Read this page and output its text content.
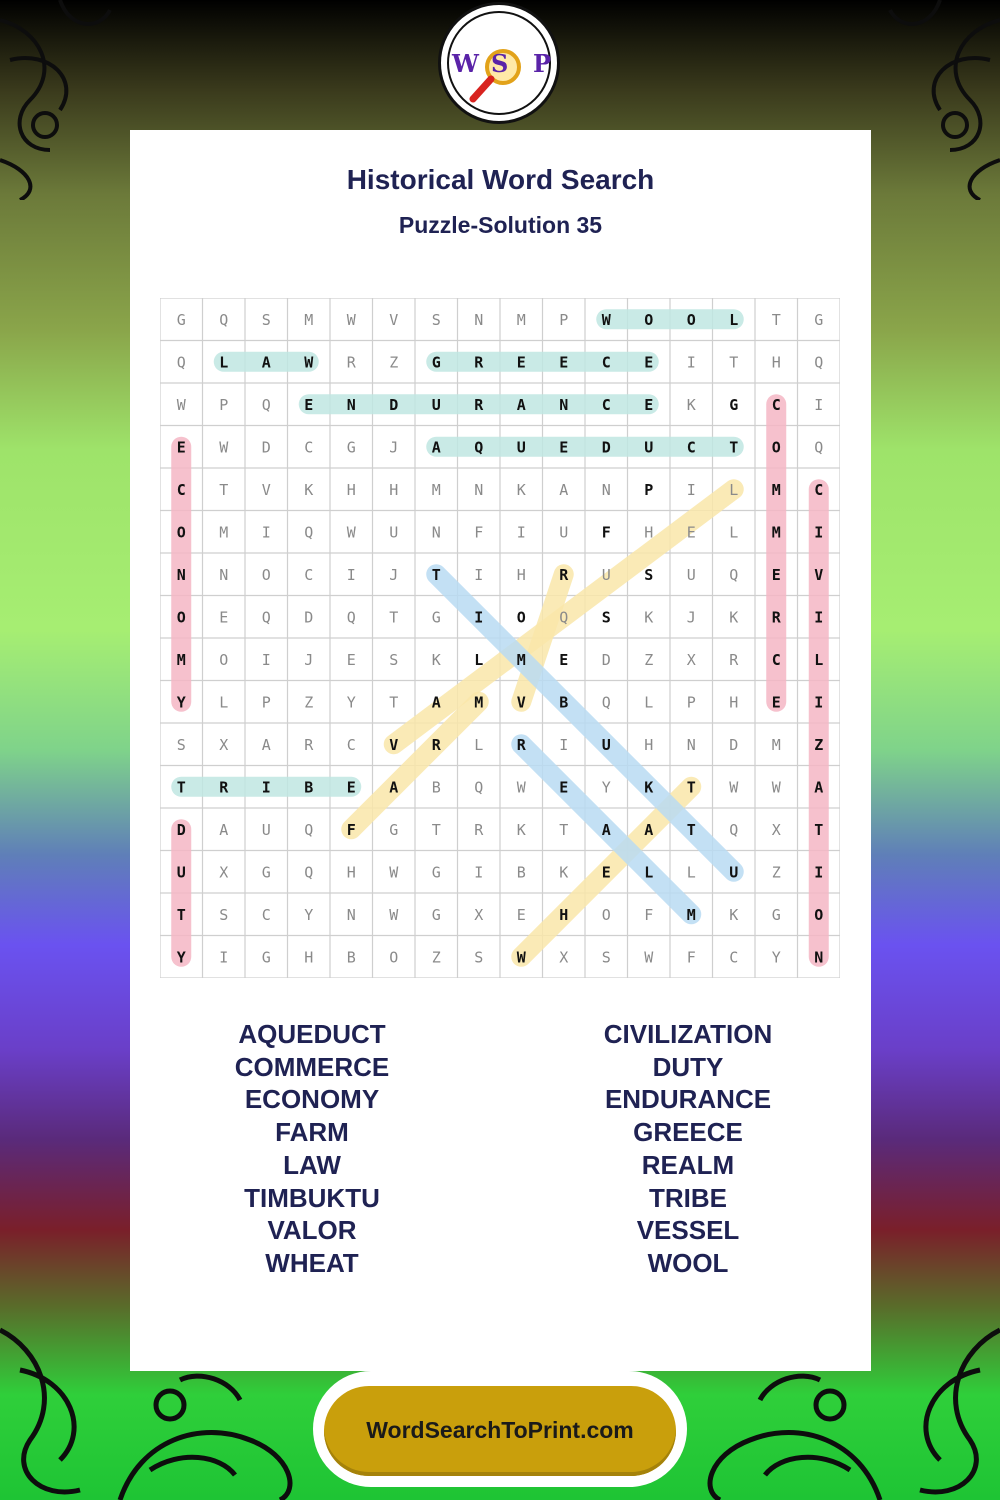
W S P
Historical Word Search
Puzzle-Solution 35
G Q S M W V S N M P W O O L T G
Q L A W R Z G R E E C E I T H Q
W P Q E N D U R A N C E K G C I
E W D C G J A Q U E D U C T O Q
C T V K H H M N K A N P I L M C
O M I Q W U N F I U F H E L M I
N N O C I J T I H R U S U Q E V
O E Q D Q T G I O Q S K J K R I
M O I J E S K L M E D Z X R C L
Y L P Z Y T A M V B Q L P H E I
S X A R C V R L R I U H N D M Z
T R I B E A B Q W E Y K T W W A
D A U Q F G T R K T A A T Q X T
U X G Q H W G I B K E L L U Z I
T S C Y N W G X E H O F M K G O
Y I G H B O Z S W X S W F C Y N
AQUEDUCT
COMMERCE
ECONOMY
FARM
LAW
TIMBUKTU
VALOR
WHEAT
CIVILIZATION
DUTY
ENDURANCE
GREECE
REALM
TRIBE
VESSEL
WOOL
WordSearchToPrint.com
